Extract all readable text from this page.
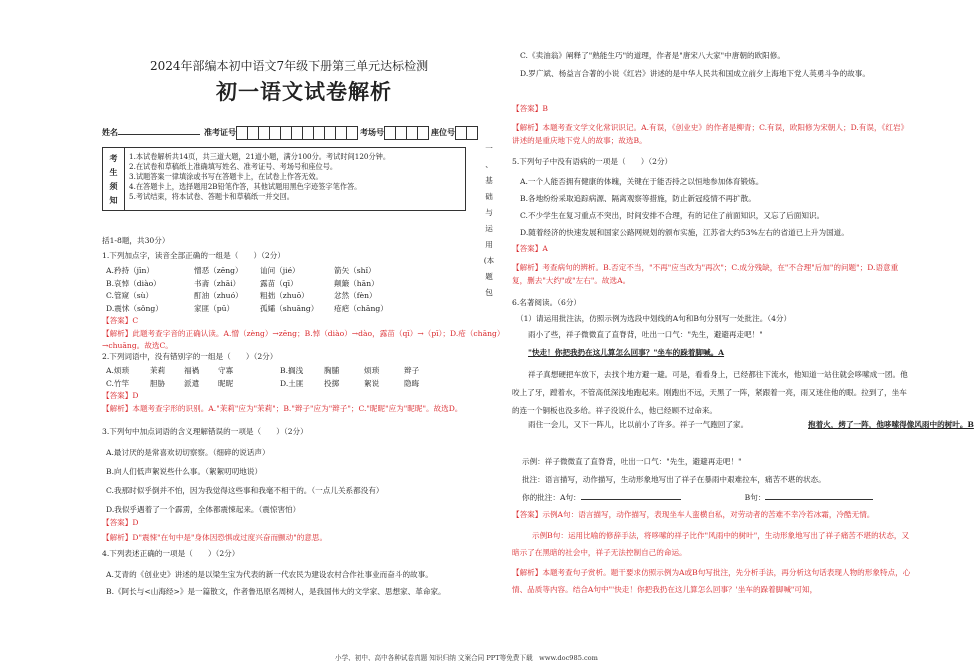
2024年部编本初中语文7年级下册第三单元达标检测
初一语文试卷解析
姓名	准考证号	考场号	座位号
考
生
须
知
1.本试卷解析共14页，共三道大题，21道小题，满分100分。考试时间120分钟。
2.在试卷和草稿纸上准确填写姓名、准考证号、考场号和座位号。
3.试题答案一律填涂或书写在答题卡上，在试卷上作答无效。
4.在答题卡上，选择题用2B铅笔作答，其他试题用黑色字迹签字笔作答。
5.考试结束，将本试卷、答题卡和草稿纸一并交回。
一
、
基
础
与
运
用
(本
题
包
括1-8题，共30分）
1.下列加点字，读音全部正确的一组是（　　）（2分）
A.矜持（jīn）	憎恶（zēng） 讪问（jié）	箭矢（shǐ）
B.哀悼（diào）	书斋（zhāi）	露苗（qī）	颠簸（hān）
C.管窥（sù）	酊油（zhuó） 粗拙（zhuō）	忿然（fèn）
D.震怵（sǒng）	家匪（pū）	孤孀（shuāng） 疮疤（chāng）
【答案】C
【解析】此题考查字音的正确认读。A.憎（zèng）→zēng；B.悼（diào）→dào，露苗（qī）→（pī）；D.疮（chāng）→chuāng。故选C。
2.下列词语中，没有错别字的一组是（　　）（2分）
A.烦琐	茉莉 福禍 守寡	B.搁浅	胸脯	烦琐	辫子
C.竹竿	胆胁 派遣 昵昵	D.土匪	投掷	絮说	隐晦
【答案】D
【解析】本题考查字形的识别。A."茉莉"应为"茉莉"；B."辫子"应为"辫子"；C."昵昵"应为"昵昵"。故选D。
3.下列句中加点词语的含义理解错误的一项是（　　）（2分）
A.最讨厌的是常喜欢切切察察。（细碎的说话声）
B.向人们低声絮说些什么事。（絮絮叨叨地说）
C.我那时似乎倒并不怕，因为我觉得这些事和我毫不相干的。（一点儿关系都没有）
D.我似乎遇着了一个霹雳，全体都震悚起来。（震惊害怕）
【答案】D
【解析】D"震悚"在句中是"身体因恐惧或过度兴奋而颤动"的意思。
4.下列表述正确的一项是（　　）（2分）
A.艾青的《创业史》讲述的是以梁生宝为代表的新一代农民为建设农村合作社事业而奋斗的故事。
B.《阿长与<山海经>》是一篇散文，作者鲁迅原名周树人，是我国伟大的文学家、思想家、革命家。
C.《卖油翁》阐释了"熟能生巧"的道理，作者是"唐宋八大家"中唐朝的欧阳修。
D.罗广斌、杨益言合著的小说《红岩》讲述的是中华人民共和国成立前夕上海地下党人英勇斗争的故事。
【答案】B
【解析】本题考查文学文化常识识记。A.有误，《创业史》的作者是柳青；C.有误，欧阳修为宋朝人；D.有误，《红岩》讲述的是重庆地下党人的故事；故选B。
5.下列句子中没有语病的一项是（　　）（2分）
A.一个人能否拥有健康的体魄，关键在于能否持之以恒地参加体育锻炼。
B.各地纷纷采取追踪病源、隔离观察等措施，防止新冠疫情不再扩散。
C.不少学生在复习重点不突出，时间安排不合理，有的记住了前面知识，又忘了后面知识。
D.随着经济的快速发展和国家公路网规划的颁布实施，江苏省大约53%左右的省道已上升为国道。
【答案】A
【解析】考查病句的辨析。B.否定不当，"不再"应当改为"再次"；C.成分残缺，在"不合理"后加"的问题"；D.语意重复，删去"大约"或"左右"。故选A。
6.名著阅读。（6分）
（1）请运用批注法，仿照示例为选段中划线的A句和B句分别写一处批注。（4分）
雨小了些，祥子微微直了直脊背，吐出一口气："先生，避避再走吧！"
"快走！你把我扔在这儿算怎么回事？"坐车的跺着脚喊。A
祥子真想硬把车放下，去找个地方避一避。可是，看看身上，已经都往下流水，他知道一站住就会哆嗦成一团。他咬上了牙，蹚着水，不管高低深浅地跑起来。刚跑出不远，天黑了一阵，紧跟着一亮，雨又迷住他的眼。拉到了，坐车的连一个铜板也没多给。祥子没说什么，他已经顾不过命来。
雨住一会儿，又下一阵儿，比以前小了许多。祥子一气跑回了家。	抱着火，烤了一阵，他哆嗦得像风雨中的树叶。B
示例：祥子微微直了直脊背，吐出一口气："先生，避避再走吧！"
批注：语言描写，动作描写，生动形象地写出了祥子在暴雨中艰难拉车，痛苦不堪的状态。
你的批注：A句：	B句：
【答案】示例A句：语言描写，动作描写，表现坐车人蛮横自私，对劳动者的苦难不幸冷若冰霜，冷酷无情。
示例B句：运用比喻的修辞手法，将哆嗦的祥子比作"风雨中的树叶"，生动形象地写出了祥子痛苦不堪的状态，又暗示了在黑暗的社会中，祥子无法控制自己的命运。
【解析】本题考查句子赏析。题干要求仿照示例为A或B句写批注，先分析手法，再分析这句话表现人物的形象特点，心情、品质等内容。结合A句中"'快走！你把我扔在这儿算怎么回事？'坐车的跺着脚喊"可知，
小学、初中、高中各种试卷真题 知识归纳 文案合同 PPT等免费下载　www.doc985.com
